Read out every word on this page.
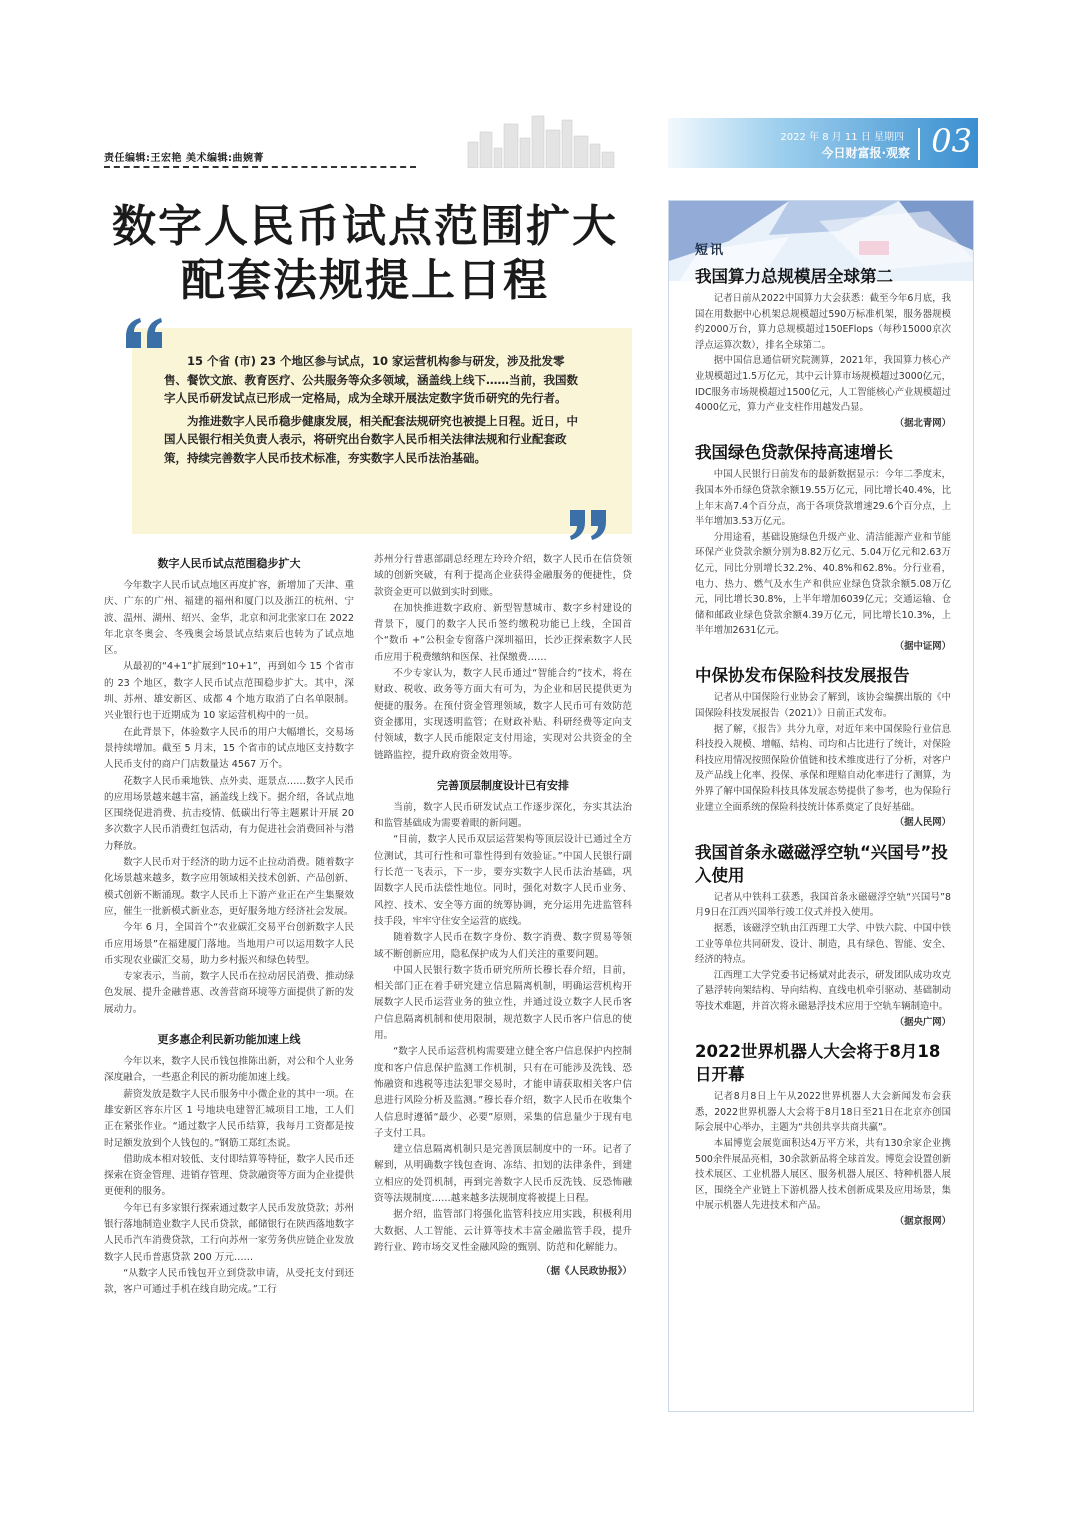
责任编辑:王宏艳 美术编辑:曲婉菁
2022 年 8 月 11 日 星期四
今日财富报·观察 03
数字人民币试点范围扩大
配套法规提上日程

15 个省 (市) 23 个地区参与试点，10 家运营机构参与研发，涉及批发零售、餐饮文旅、教育医疗、公共服务等众多领域，涵盖线上线下……当前，我国数字人民币研发试点已形成一定格局，成为全球开展法定数字货币研究的先行者。

为推进数字人民币稳步健康发展，相关配套法规研究也被提上日程。近日，中国人民银行相关负责人表示，将研究出台数字人民币相关法律法规和行业配套政策，持续完善数字人民币技术标准，夯实数字人民币法治基础。

数字人民币试点范围稳步扩大

今年数字人民币试点地区再度扩容，新增加了天津、重庆、广东的广州、福建的福州和厦门以及浙江的杭州、宁波、温州、湖州、绍兴、金华，北京和河北张家口在 2022 年北京冬奥会、冬残奥会场景试点结束后也转为了试点地区。

从最初的“4+1”扩展到“10+1”，再到如今 15 个省市的 23 个地区，数字人民币试点范围稳步扩大。其中，深圳、苏州、雄安新区、成都 4 个地方取消了白名单限制。兴业银行也于近期成为 10 家运营机构中的一员。

在此背景下，体验数字人民币的用户大幅增长，交易场景持续增加。截至 5 月末，15 个省市的试点地区支持数字人民币支付的商户门店数量达 4567 万个。

花数字人民币乘地铁、点外卖、逛景点……数字人民币的应用场景越来越丰富，涵盖线上线下。据介绍，各试点地区围绕促进消费、抗击疫情、低碳出行等主题累计开展 20 多次数字人民币消费红包活动，有力促进社会消费回补与潜力释放。

数字人民币对于经济的助力远不止拉动消费。随着数字化场景越来越多，数字应用领域相关技术创新、产品创新、模式创新不断涌现。数字人民币上下游产业正在产生集聚效应，催生一批新模式新业态，更好服务地方经济社会发展。

今年 6 月，全国首个“农业碳汇交易平台创新数字人民币应用场景”在福建厦门落地。当地用户可以运用数字人民币实现农业碳汇交易，助力乡村振兴和绿色转型。

专家表示，当前，数字人民币在拉动居民消费、推动绿色发展、提升金融普惠、改善营商环境等方面提供了新的发展动力。

更多惠企利民新功能加速上线

今年以来，数字人民币钱包推陈出新，对公和个人业务深度融合，一些惠企利民的新功能加速上线。

薪资发放是数字人民币服务中小微企业的其中一项。在雄安新区容东片区 1 号地块电建智汇城项目工地，工人们正在紧张作业。“通过数字人民币结算，我每月工资都是按时足额发放到个人钱包的。”钢筋工郑红杰说。

借助成本相对较低、支付即结算等特征，数字人民币还探索在资金管理、进销存管理、贷款融资等方面为企业提供更便利的服务。

今年已有多家银行探索通过数字人民币发放贷款；苏州银行落地制造业数字人民币贷款，邮储银行在陕西落地数字人民币汽车消费贷款，工行向苏州一家劳务供应链企业发放数字人民币普惠贷款 200 万元……

“从数字人民币钱包开立到贷款申请，从受托支付到还款，客户可通过手机在线自助完成。”工行

苏州分行普惠部副总经理左玲玲介绍，数字人民币在信贷领域的创新突破，有利于提高企业获得金融服务的便捷性，贷款资金更可以做到实时到账。

在加快推进数字政府、新型智慧城市、数字乡村建设的背景下，厦门的数字人民币签约缴税功能已上线，全国首个“数币 +”公积金专窗落户深圳福田，长沙正探索数字人民币应用于税费缴纳和医保、社保缴费……

不少专家认为，数字人民币通过“智能合约”技术，将在财政、税收、政务等方面大有可为，为企业和居民提供更为便捷的服务。在预付资金管理领域，数字人民币可有效防范资金挪用，实现透明监管；在财政补贴、科研经费等定向支付领域，数字人民币能限定支付用途，实现对公共资金的全链路监控，提升政府资金效用等。

完善顶层制度设计已有安排

当前，数字人民币研发试点工作逐步深化，夯实其法治和监管基础成为需要着眼的新问题。

“目前，数字人民币双层运营架构等顶层设计已通过全方位测试，其可行性和可靠性得到有效验证。”中国人民银行副行长范一飞表示，下一步，要夯实数字人民币法治基础，巩固数字人民币法偿性地位。同时，强化对数字人民币业务、风控、技术、安全等方面的统筹协调，充分运用先进监管科技手段，牢牢守住安全运营的底线。

随着数字人民币在数字身份、数字消费、数字贸易等领域不断创新应用，隐私保护成为人们关注的重要问题。

中国人民银行数字货币研究所所长穆长春介绍，目前，相关部门正在着手研究建立信息隔离机制，明确运营机构开展数字人民币运营业务的独立性，并通过设立数字人民币客户信息隔离机制和使用限制，规范数字人民币客户信息的使用。

“数字人民币运营机构需要建立健全客户信息保护内控制度和客户信息保护监测工作机制，只有在可能涉及洗钱、恐怖融资和逃税等违法犯罪交易时，才能申请获取相关客户信息进行风险分析及监测。”穆长春介绍，数字人民币在收集个人信息时遵循“最少、必要”原则，采集的信息量少于现有电子支付工具。

建立信息隔离机制只是完善顶层制度中的一环。记者了解到，从明确数字钱包查询、冻结、扣划的法律条件，到建立相应的处罚机制，再到完善数字人民币反洗钱、反恐怖融资等法规制度……越来越多法规制度将被提上日程。

据介绍，监管部门将强化监管科技应用实践，积极利用大数据、人工智能、云计算等技术丰富金融监管手段，提升跨行业、跨市场交叉性金融风险的甄别、防范和化解能力。

（据《人民政协报》）
短讯
我国算力总规模居全球第二

记者日前从2022中国算力大会获悉：截至今年6月底，我国在用数据中心机架总规模超过590万标准机架，服务器规模约2000万台，算力总规模超过150EFlops（每秒15000京次浮点运算次数），排名全球第二。

据中国信息通信研究院测算，2021年，我国算力核心产业规模超过1.5万亿元，其中云计算市场规模超过3000亿元，IDC服务市场规模超过1500亿元，人工智能核心产业规模超过4000亿元，算力产业支柱作用越发凸显。

（据北青网）
我国绿色贷款保持高速增长

中国人民银行日前发布的最新数据显示：今年二季度末，我国本外币绿色贷款余额19.55万亿元，同比增长40.4%，比上年末高7.4个百分点，高于各项贷款增速29.6个百分点，上半年增加3.53万亿元。

分用途看，基础设施绿色升级产业、清洁能源产业和节能环保产业贷款余额分别为8.82万亿元、5.04万亿元和2.63万亿元，同比分别增长32.2%、40.8%和62.8%。分行业看，电力、热力、燃气及水生产和供应业绿色贷款余额5.08万亿元，同比增长30.8%，上半年增加6039亿元；交通运输、仓储和邮政业绿色贷款余额4.39万亿元，同比增长10.3%，上半年增加2631亿元。

（据中证网）
中保协发布保险科技发展报告

记者从中国保险行业协会了解到，该协会编撰出版的《中国保险科技发展报告（2021）》日前正式发布。

据了解，《报告》共分九章，对近年来中国保险行业信息科技投入规模、增幅、结构、司均和占比进行了统计，对保险科技应用情况按照保险价值链和技术维度进行了分析，对客户及产品线上化率、投保、承保和理赔自动化率进行了测算，为外界了解中国保险科技具体发展态势提供了参考，也为保险行业建立全面系统的保险科技统计体系奠定了良好基础。

（据人民网）
我国首条永磁磁浮空轨“兴国号”投入使用

记者从中铁科工获悉，我国首条永磁磁浮空轨“兴国号”8月9日在江西兴国举行竣工仪式并投入使用。

据悉，该磁浮空轨由江西理工大学、中铁六院、中国中铁工业等单位共同研发、设计、制造，具有绿色、智能、安全、经济的特点。

江西理工大学党委书记杨斌对此表示，研发团队成功攻克了悬浮转向架结构、导向结构、直线电机牵引驱动、基础制动等技术难题，并首次将永磁悬浮技术应用于空轨车辆制造中。

（据央广网）
2022世界机器人大会将于8月18日开幕

记者8月8日上午从2022世界机器人大会新闻发布会获悉，2022世界机器人大会将于8月18日至21日在北京亦创国际会展中心举办，主题为“共创共享共商共赢”。

本届博览会展览面积达4万平方米，共有130余家企业携500余件展品亮相，30余款新品将全球首发。博览会设置创新技术展区、工业机器人展区、服务机器人展区、特种机器人展区，围绕全产业链上下游机器人技术创新成果及应用场景，集中展示机器人先进技术和产品。

（据京报网）
